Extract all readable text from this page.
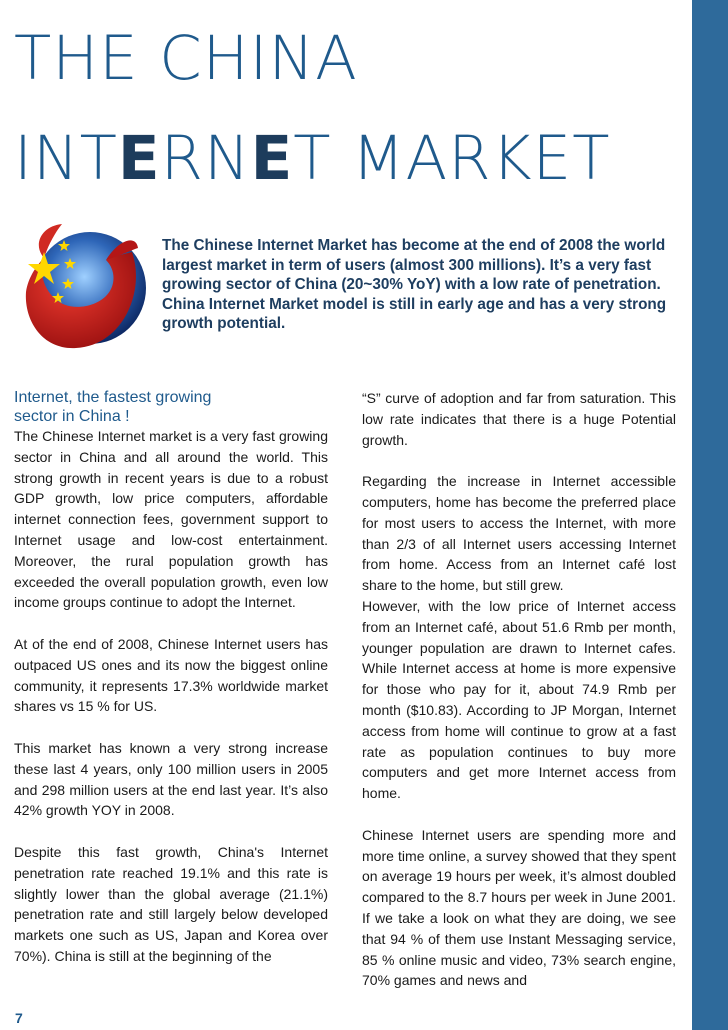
THE CHINA
INTERNET MARKET
The Chinese Internet Market has become at the end of 2008 the world largest market in term of users (almost 300 millions). It’s a very fast growing sector of China (20~30% YoY) with a low rate of penetration. China Internet Market model is still in early age and has a very strong growth potential.

Internet, the fastest growing
sector in China !
The Chinese Internet market is a very fast growing sector in China and all around the world. This strong growth in recent years is due to a robust GDP growth, low price computers, affordable internet connection fees, government support to Internet usage and low-cost entertainment. Moreover, the rural population growth has exceeded the overall population growth, even low income groups continue to adopt the Internet.

At of the end of 2008, Chinese Internet users has outpaced US ones and its now the biggest online community, it represents 17.3% worldwide market shares vs 15 % for US.

This market has known a very strong increase these last 4 years, only 100 million users in 2005 and 298 million users at the end last year. It’s also 42% growth YOY in 2008.

Despite this fast growth, China's Internet penetration rate reached 19.1% and this rate is slightly lower than the global average (21.1%) penetration rate and still largely below developed markets one such as US, Japan and Korea over 70%). China is still at the beginning of the

“S” curve of adoption and far from saturation. This low rate indicates that there is a huge Potential growth.

Regarding the increase in Internet accessible computers, home has become the preferred place for most users to access the Internet, with more than 2/3 of all Internet users accessing Internet from home. Access from an Internet café lost share to the home, but still grew.

However, with the low price of Internet access from an Internet café, about 51.6 Rmb per month, younger population are drawn to Internet cafes. While Internet access at home is more expensive for those who pay for it, about 74.9 Rmb per month ($10.83). According to JP Morgan, Internet access from home will continue to grow at a fast rate as population continues to buy more computers and get more Internet access from home.

Chinese Internet users are spending more and more time online, a survey showed that they spent on average 19 hours per week, it’s almost doubled compared to the 8.7 hours per week in June 2001. If we take a look on what they are doing, we see that 94 % of them use Instant Messaging service, 85 % online music and video, 73% search engine, 70% games and news and

7
